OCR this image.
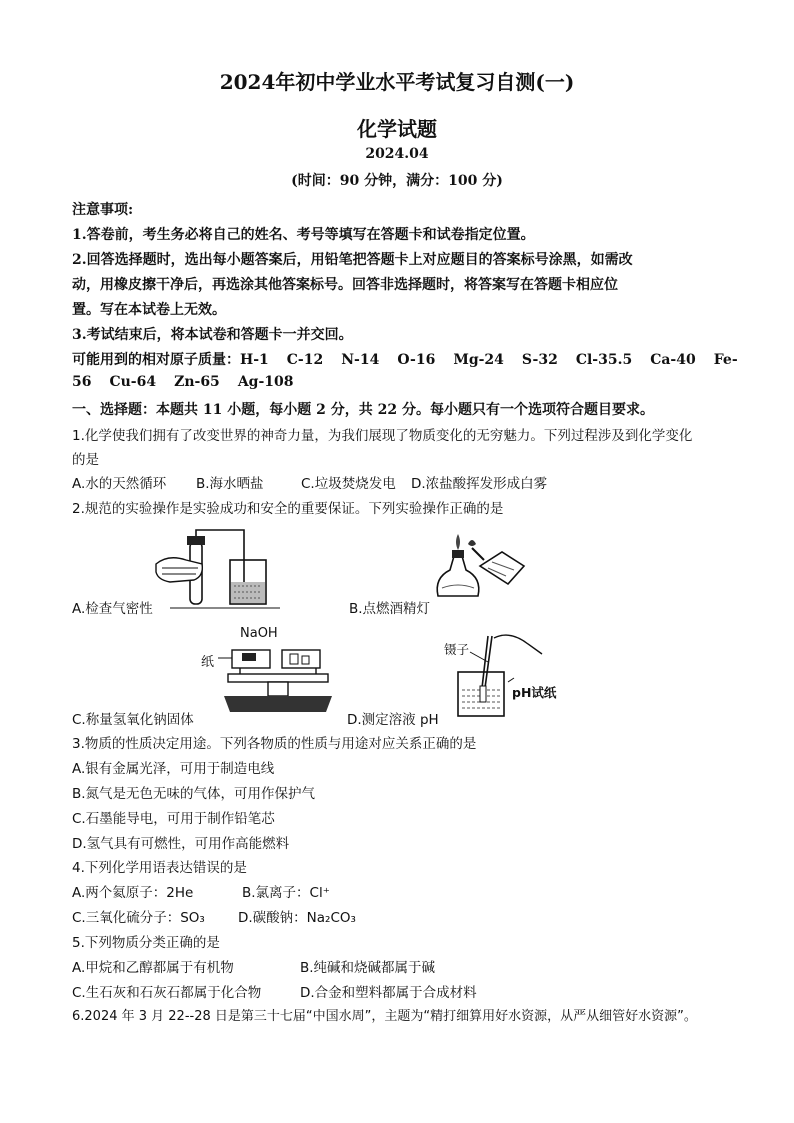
2024年初中学业水平考试复习自测(一)
化学试题
2024.04
(时间：90 分钟，满分：100 分)
注意事项:
1.答卷前，考生务必将自己的姓名、考号等填写在答题卡和试卷指定位置。
2.回答选择题时，选出每小题答案后，用铅笔把答题卡上对应题目的答案标号涂黑，如需改
动，用橡皮擦干净后，再选涂其他答案标号。回答非选择题时，将答案写在答题卡相应位
置。写在本试卷上无效。
3.考试结束后，将本试卷和答题卡一并交回。
可能用到的相对原子质量：H-1 C-12 N-14 O-16 Mg-24 S-32 Cl-35.5 Ca-40 Fe-
56 Cu-64 Zn-65 Ag-108
一、选择题：本题共 11 小题，每小题 2 分，共 22 分。每小题只有一个选项符合题目要求。
1.化学使我们拥有了改变世界的神奇力量，为我们展现了物质变化的无穷魅力。下列过程涉及到化学变化
的是
A.水的天然循环 B.海水晒盐	C.垃圾焚烧发电 D.浓盐酸挥发形成白雾
2.规范的实验操作是实验成功和安全的重要保证。下列实验操作正确的是
A.检查气密性	B.点燃酒精灯
NaOH
纸
C.称量氢氧化钠固体
镊子
pH试纸
D.测定溶液 pH
3.物质的性质决定用途。下列各物质的性质与用途对应关系正确的是
A.银有金属光泽，可用于制造电线
B.氮气是无色无味的气体，可用作保护气
C.石墨能导电，可用于制作铅笔芯
D.氢气具有可燃性，可用作高能燃料
4.下列化学用语表达错误的是
A.两个氦原子：2He	B.氯离子：Cl⁺
C.三氧化硫分子：SO₃ D.碳酸钠：Na₂CO₃
5.下列物质分类正确的是
A.甲烷和乙醇都属于有机物	B.纯碱和烧碱都属于碱
C.生石灰和石灰石都属于化合物	D.合金和塑料都属于合成材料
6.2024 年 3 月 22--28 日是第三十七届“中国水周”，主题为“精打细算用好水资源，从严从细管好水资源”。
